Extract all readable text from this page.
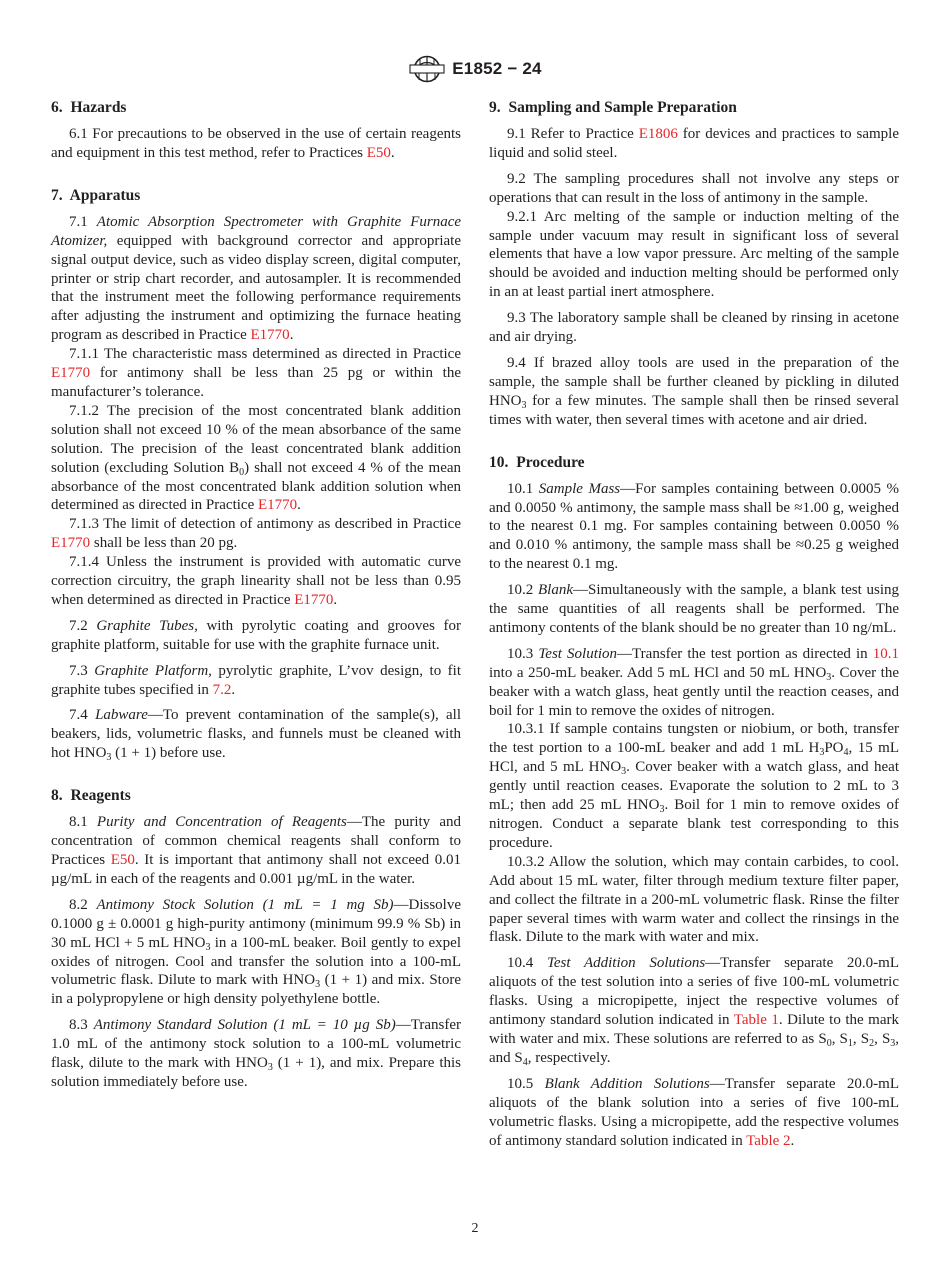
E1852 − 24
6. Hazards

6.1 For precautions to be observed in the use of certain reagents and equipment in this test method, refer to Practices E50.

7. Apparatus

7.1 Atomic Absorption Spectrometer with Graphite Furnace Atomizer, equipped with background corrector and appropriate signal output device, such as video display screen, digital computer, printer or strip chart recorder, and autosampler. It is recommended that the instrument meet the following performance requirements after adjusting the instrument and optimizing the furnace heating program as described in Practice E1770.

7.1.1 The characteristic mass determined as directed in Practice E1770 for antimony shall be less than 25 pg or within the manufacturer’s tolerance.

7.1.2 The precision of the most concentrated blank addition solution shall not exceed 10 % of the mean absorbance of the same solution. The precision of the least concentrated blank addition solution (excluding Solution $B_0$) shall not exceed 4 % of the mean absorbance of the most concentrated blank addition solution when determined as directed in Practice E1770.

7.1.3 The limit of detection of antimony as described in Practice E1770 shall be less than 20 pg.

7.1.4 Unless the instrument is provided with automatic curve correction circuitry, the graph linearity shall not be less than 0.95 when determined as directed in Practice E1770.

7.2 Graphite Tubes, with pyrolytic coating and grooves for graphite platform, suitable for use with the graphite furnace unit.

7.3 Graphite Platform, pyrolytic graphite, L’vov design, to fit graphite tubes specified in 7.2.

7.4 Labware—To prevent contamination of the sample(s), all beakers, lids, volumetric flasks, and funnels must be cleaned with hot $HNO_3$ (1 + 1) before use.

8. Reagents

8.1 Purity and Concentration of Reagents—The purity and concentration of common chemical reagents shall conform to Practices E50. It is important that antimony shall not exceed 0.01 µg/mL in each of the reagents and 0.001 µg/mL in the water.

8.2 Antimony Stock Solution (1 mL = 1 mg Sb)—Dissolve 0.1000 g ± 0.0001 g high-purity antimony (minimum 99.9 % Sb) in 30 mL HCl + 5 mL $HNO_3$ in a 100-mL beaker. Boil gently to expel oxides of nitrogen. Cool and transfer the solution into a 100-mL volumetric flask. Dilute to mark with $HNO_3$ (1 + 1) and mix. Store in a polypropylene or high density polyethylene bottle.

8.3 Antimony Standard Solution (1 mL = 10 µg Sb)—Transfer 1.0 mL of the antimony stock solution to a 100-mL volumetric flask, dilute to the mark with $HNO_3$ (1 + 1), and mix. Prepare this solution immediately before use.

9. Sampling and Sample Preparation

9.1 Refer to Practice E1806 for devices and practices to sample liquid and solid steel.

9.2 The sampling procedures shall not involve any steps or operations that can result in the loss of antimony in the sample.

9.2.1 Arc melting of the sample or induction melting of the sample under vacuum may result in significant loss of several elements that have a low vapor pressure. Arc melting of the sample should be avoided and induction melting should be performed only in an at least partial inert atmosphere.

9.3 The laboratory sample shall be cleaned by rinsing in acetone and air drying.

9.4 If brazed alloy tools are used in the preparation of the sample, the sample shall be further cleaned by pickling in diluted $HNO_3$ for a few minutes. The sample shall then be rinsed several times with water, then several times with acetone and air dried.

10. Procedure

10.1 Sample Mass—For samples containing between 0.0005 % and 0.0050 % antimony, the sample mass shall be ≈1.00 g, weighed to the nearest 0.1 mg. For samples containing between 0.0050 % and 0.010 % antimony, the sample mass shall be ≈0.25 g weighed to the nearest 0.1 mg.

10.2 Blank—Simultaneously with the sample, a blank test using the same quantities of all reagents shall be performed. The antimony contents of the blank should be no greater than 10 ng/mL.

10.3 Test Solution—Transfer the test portion as directed in 10.1 into a 250-mL beaker. Add 5 mL HCl and 50 mL $HNO_3$. Cover the beaker with a watch glass, heat gently until the reaction ceases, and boil for 1 min to remove the oxides of nitrogen.

10.3.1 If sample contains tungsten or niobium, or both, transfer the test portion to a 100-mL beaker and add 1 mL $H_3PO_4$, 15 mL HCl, and 5 mL $HNO_3$. Cover beaker with a watch glass, and heat gently until reaction ceases. Evaporate the solution to 2 mL to 3 mL; then add 25 mL $HNO_3$. Boil for 1 min to remove oxides of nitrogen. Conduct a separate blank test corresponding to this procedure.

10.3.2 Allow the solution, which may contain carbides, to cool. Add about 15 mL water, filter through medium texture filter paper, and collect the filtrate in a 200-mL volumetric flask. Rinse the filter paper several times with warm water and collect the rinsings in the flask. Dilute to the mark with water and mix.

10.4 Test Addition Solutions—Transfer separate 20.0-mL aliquots of the test solution into a series of five 100-mL volumetric flasks. Using a micropipette, inject the respective volumes of antimony standard solution indicated in Table 1. Dilute to the mark with water and mix. These solutions are referred to as $S_0$, $S_1$, $S_2$, $S_3$, and $S_4$, respectively.

10.5 Blank Addition Solutions—Transfer separate 20.0-mL aliquots of the blank solution into a series of five 100-mL volumetric flasks. Using a micropipette, add the respective volumes of antimony standard solution indicated in Table 2.

2
